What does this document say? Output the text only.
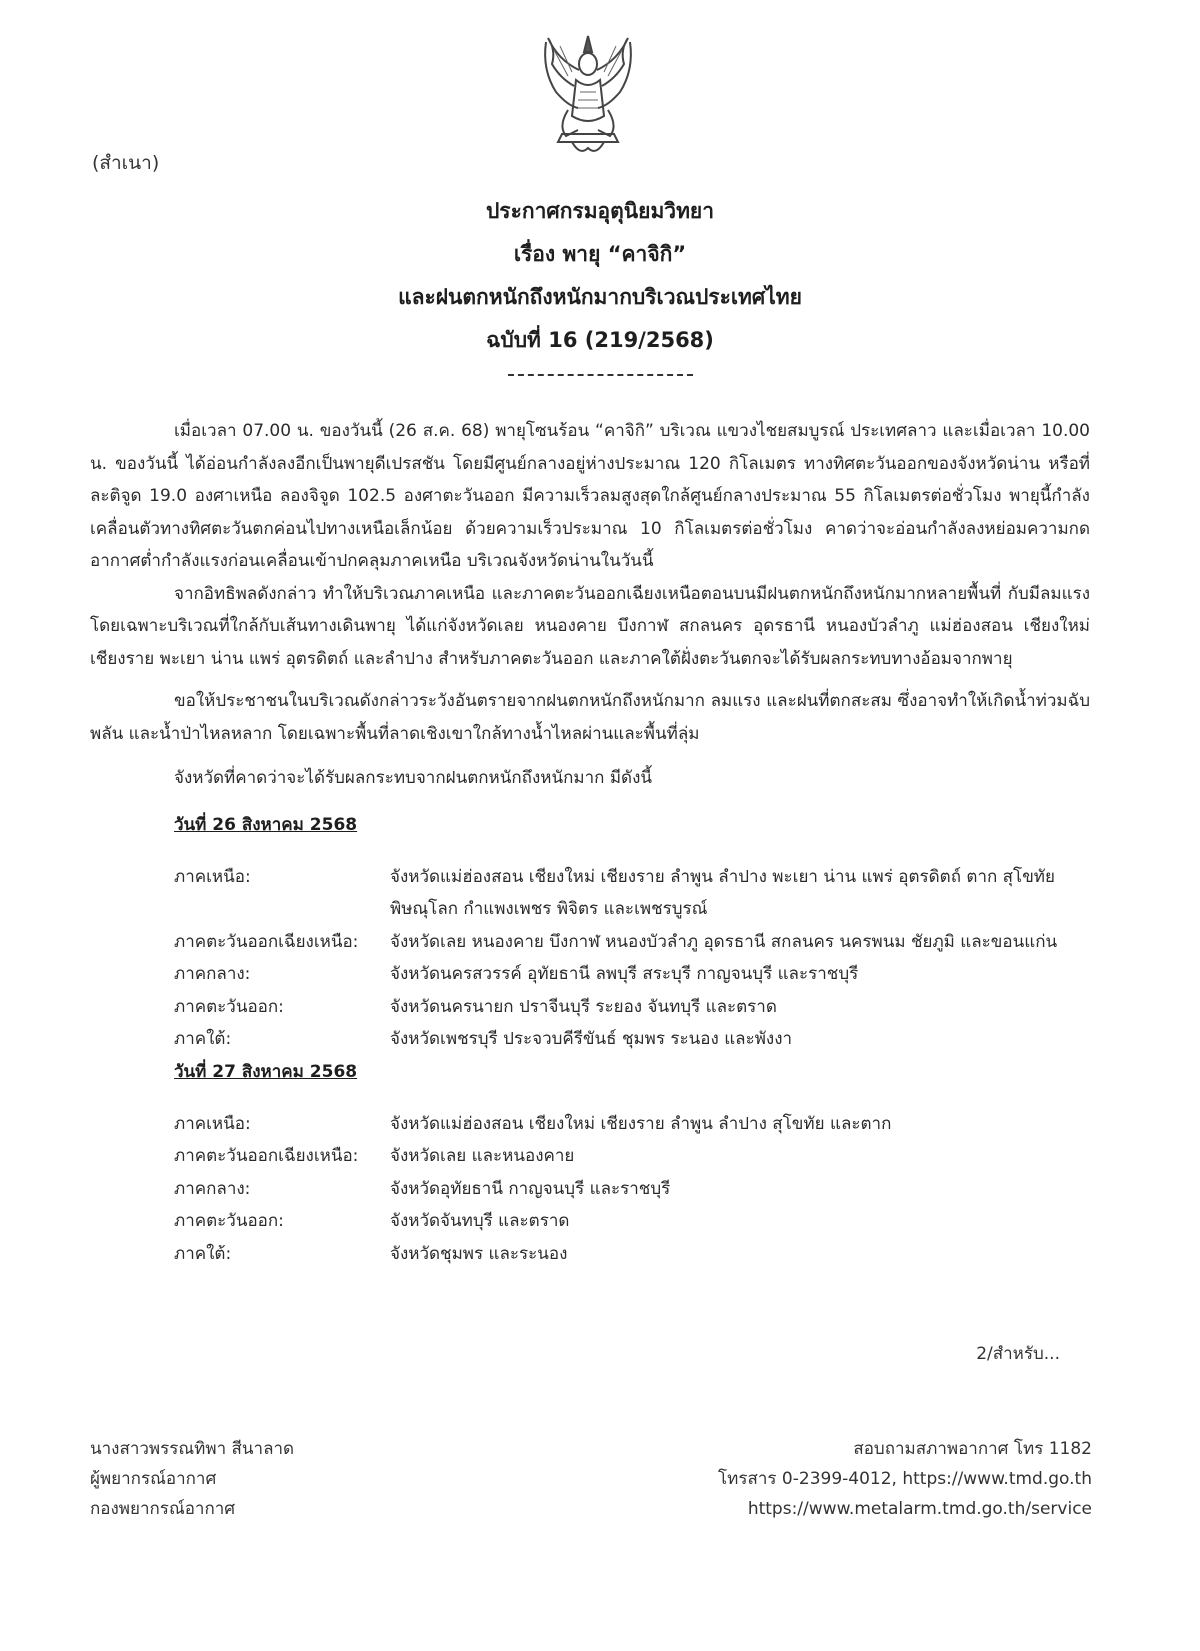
(สำเนา)
ประกาศกรมอุตุนิยมวิทยา
เรื่อง พายุ “คาจิกิ”
และฝนตกหนักถึงหนักมากบริเวณประเทศไทย
ฉบับที่ 16 (219/2568)

เมื่อเวลา 07.00 น. ของวันนี้ (26 ส.ค. 68) พายุโซนร้อน “คาจิกิ” บริเวณ แขวงไชยสมบูรณ์ ประเทศลาว และเมื่อเวลา 10.00 น. ของวันนี้ ได้อ่อนกำลังลงอีกเป็นพายุดีเปรสชัน โดยมีศูนย์กลางอยู่ห่างประมาณ 120 กิโลเมตร ทางทิศตะวันออกของจังหวัดน่าน หรือที่ละติจูด 19.0 องศาเหนือ ลองจิจูด 102.5 องศาตะวันออก มีความเร็วลมสูงสุดใกล้ศูนย์กลางประมาณ 55 กิโลเมตรต่อชั่วโมง พายุนี้กำลังเคลื่อนตัวทางทิศตะวันตกค่อนไปทางเหนือเล็กน้อย ด้วยความเร็วประมาณ 10 กิโลเมตรต่อชั่วโมง คาดว่าจะอ่อนกำลังลงหย่อมความกดอากาศต่ำกำลังแรงก่อนเคลื่อนเข้าปกคลุมภาคเหนือ บริเวณจังหวัดน่านในวันนี้

จากอิทธิพลดังกล่าว ทำให้บริเวณภาคเหนือ และภาคตะวันออกเฉียงเหนือตอนบนมีฝนตกหนักถึงหนักมากหลายพื้นที่ กับมีลมแรง โดยเฉพาะบริเวณที่ใกล้กับเส้นทางเดินพายุ ได้แก่จังหวัดเลย หนองคาย บึงกาฬ สกลนคร อุดรธานี หนองบัวลำภู แม่ฮ่องสอน เชียงใหม่ เชียงราย พะเยา น่าน แพร่ อุตรดิตถ์ และลำปาง สำหรับภาคตะวันออก และภาคใต้ฝั่งตะวันตกจะได้รับผลกระทบทางอ้อมจากพายุ

ขอให้ประชาชนในบริเวณดังกล่าวระวังอันตรายจากฝนตกหนักถึงหนักมาก ลมแรง และฝนที่ตกสะสม ซึ่งอาจทำให้เกิดน้ำท่วมฉับพลัน และน้ำป่าไหลหลาก โดยเฉพาะพื้นที่ลาดเชิงเขาใกล้ทางน้ำไหลผ่านและพื้นที่ลุ่ม

จังหวัดที่คาดว่าจะได้รับผลกระทบจากฝนตกหนักถึงหนักมาก มีดังนี้

วันที่ 26 สิงหาคม 2568
ภาคเหนือ:	จังหวัดแม่ฮ่องสอน เชียงใหม่ เชียงราย ลำพูน ลำปาง พะเยา น่าน แพร่ อุตรดิตถ์ ตาก สุโขทัย พิษณุโลก กำแพงเพชร พิจิตร และเพชรบูรณ์
ภาคตะวันออกเฉียงเหนือ:	จังหวัดเลย หนองคาย บึงกาฬ หนองบัวลำภู อุดรธานี สกลนคร นครพนม ชัยภูมิ และขอนแก่น
ภาคกลาง:	จังหวัดนครสวรรค์ อุทัยธานี ลพบุรี สระบุรี กาญจนบุรี และราชบุรี
ภาคตะวันออก:	จังหวัดนครนายก ปราจีนบุรี ระยอง จันทบุรี และตราด
ภาคใต้:	จังหวัดเพชรบุรี ประจวบคีรีขันธ์ ชุมพร ระนอง และพังงา
วันที่ 27 สิงหาคม 2568
ภาคเหนือ:	จังหวัดแม่ฮ่องสอน เชียงใหม่ เชียงราย ลำพูน ลำปาง สุโขทัย และตาก
ภาคตะวันออกเฉียงเหนือ:	จังหวัดเลย และหนองคาย
ภาคกลาง:	จังหวัดอุทัยธานี กาญจนบุรี และราชบุรี
ภาคตะวันออก:	จังหวัดจันทบุรี และตราด
ภาคใต้:	จังหวัดชุมพร และระนอง
2/สำหรับ...
นางสาวพรรณทิพา สีนาลาด
ผู้พยากรณ์อากาศ
กองพยากรณ์อากาศ
สอบถามสภาพอากาศ โทร 1182
โทรสาร 0-2399-4012, https://www.tmd.go.th
https://www.metalarm.tmd.go.th/service
